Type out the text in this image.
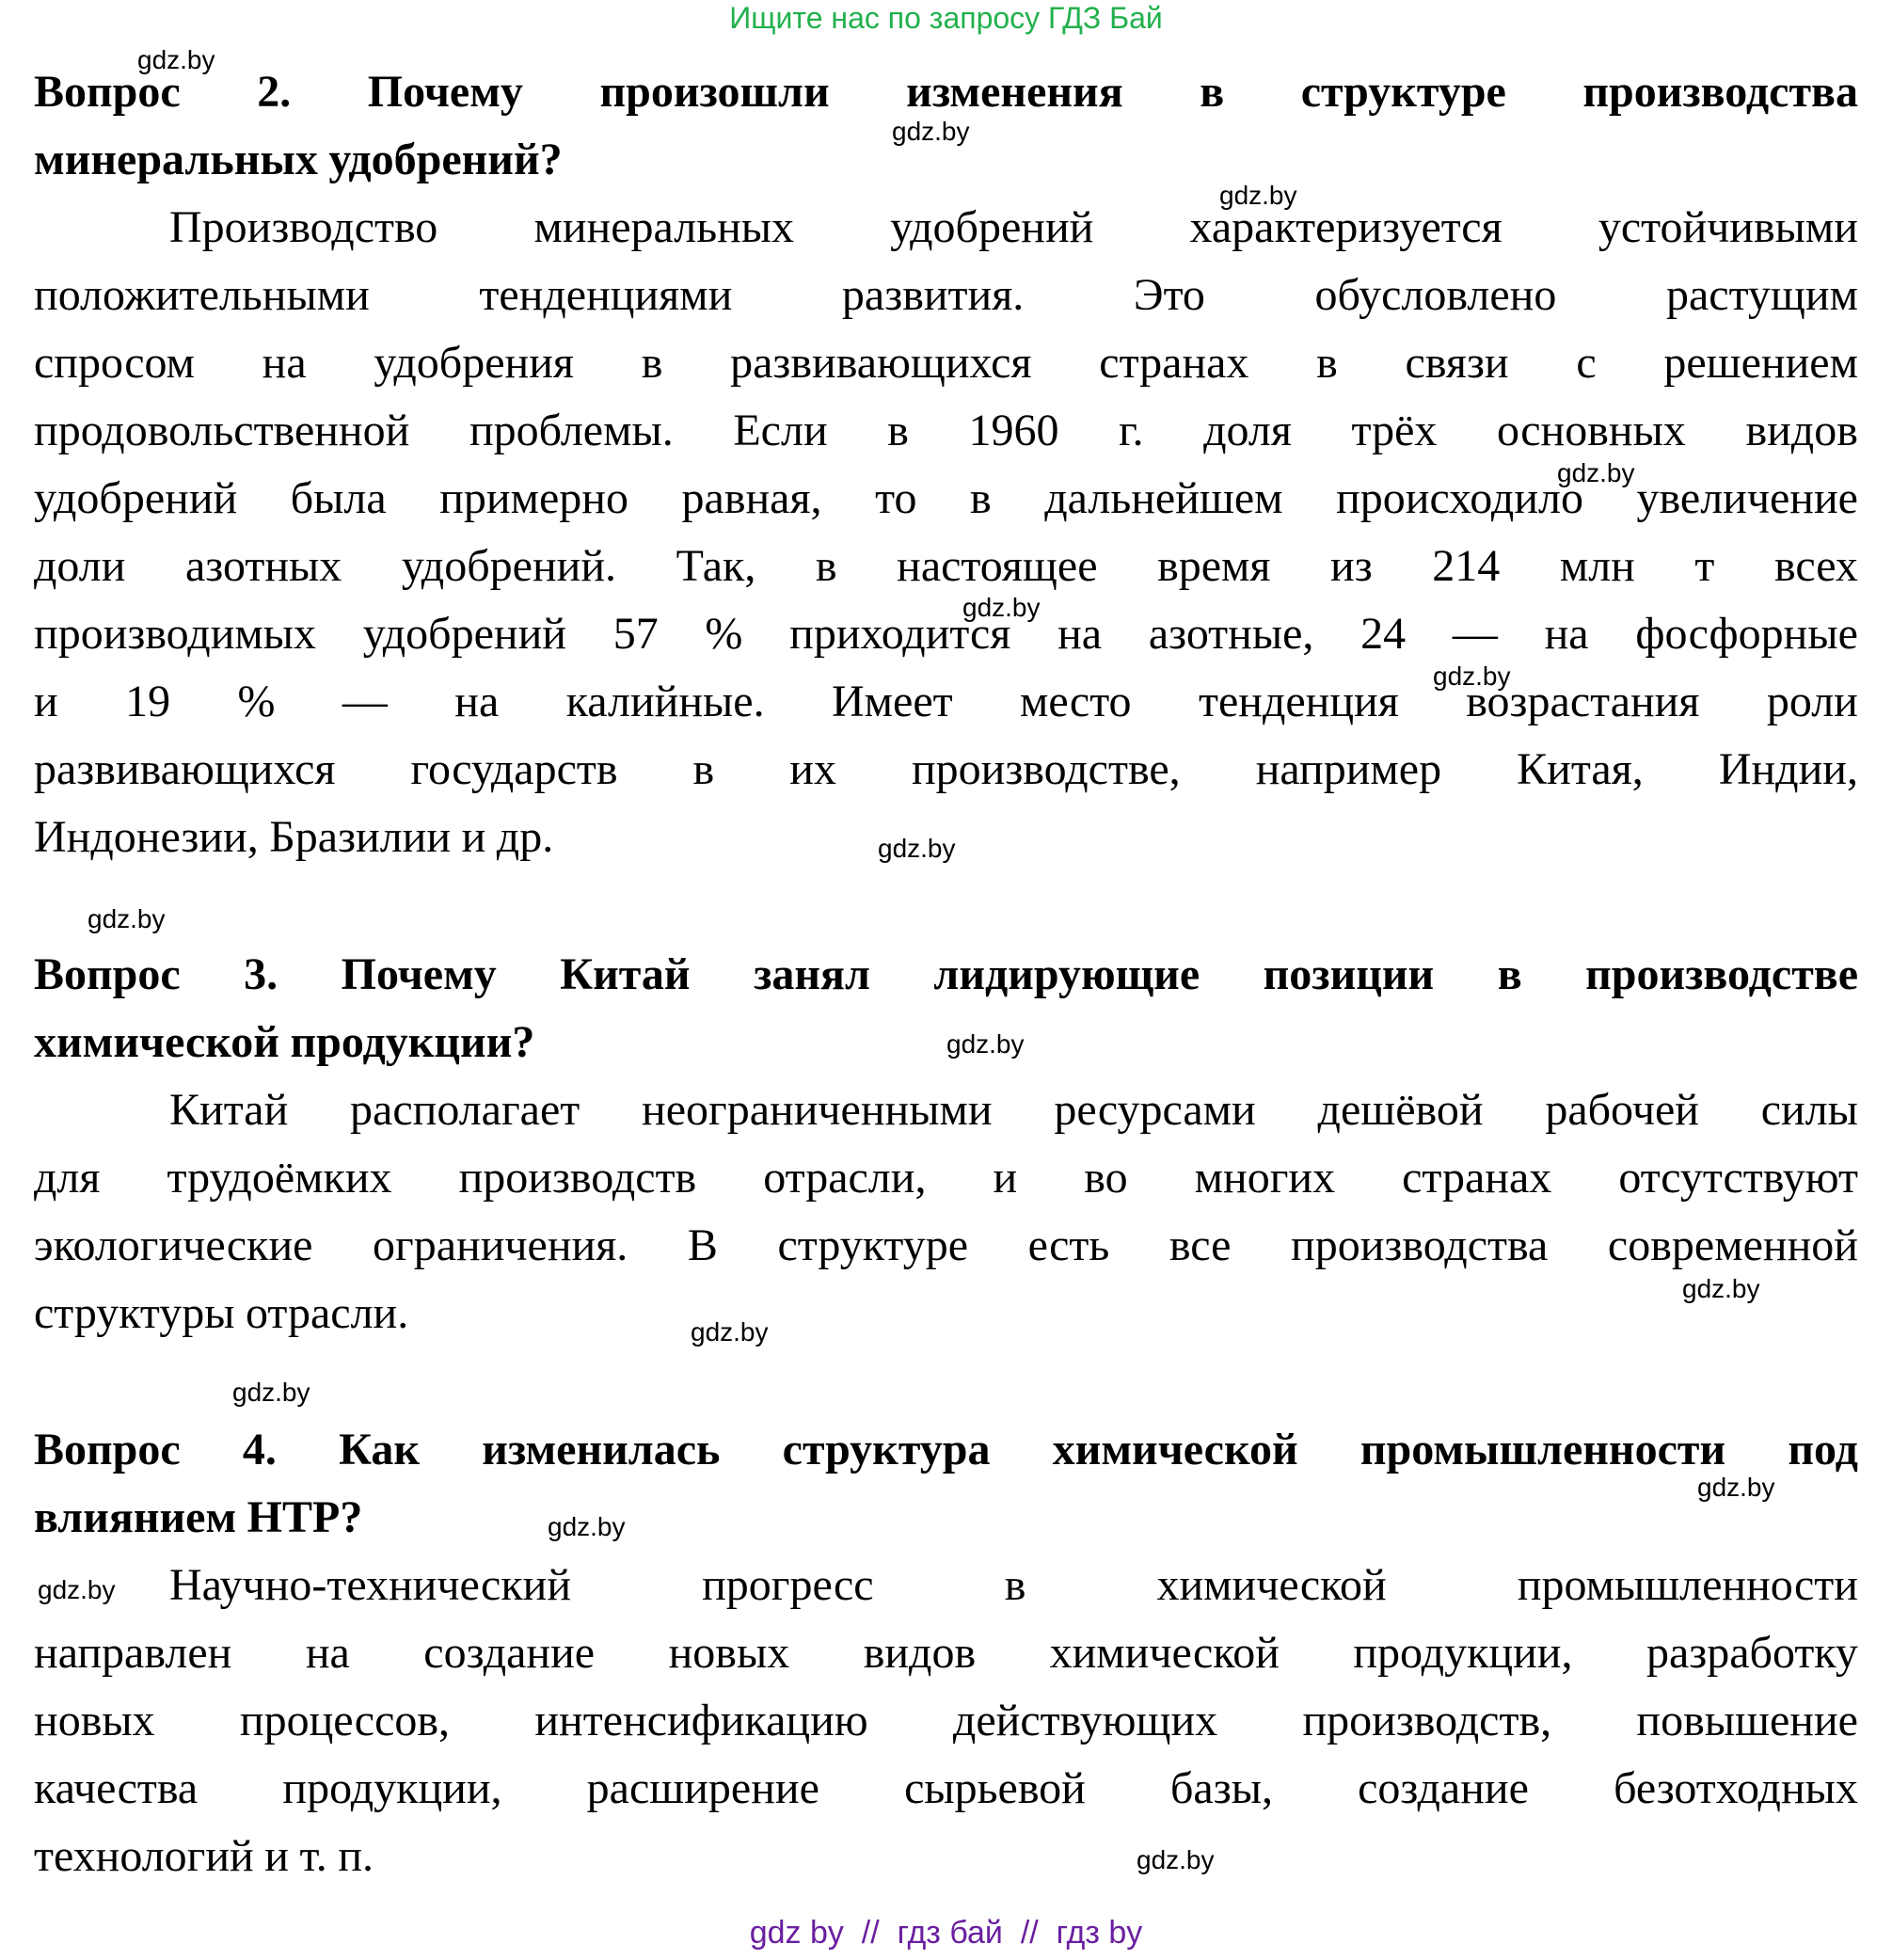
Ищите нас по запросу ГДЗ Бай
Вопрос 2. Почему произошли изменения в структуре производства
минеральных удобрений?
Производство минеральных удобрений характеризуется устойчивыми
положительными тенденциями развития. Это обусловлено растущим
спросом на удобрения в развивающихся странах в связи с решением
продовольственной проблемы. Если в 1960 г. доля трёх основных видов
удобрений была примерно равная, то в дальнейшем происходило увеличение
доли азотных удобрений. Так, в настоящее время из 214 млн т всех
производимых удобрений 57 % приходится на азотные, 24 — на фосфорные
и 19 % — на калийные. Имеет место тенденция возрастания роли
развивающихся государств в их производстве, например Китая, Индии,
Индонезии, Бразилии и др.
Вопрос 3. Почему Китай занял лидирующие позиции в производстве
химической продукции?
Китай располагает неограниченными ресурсами дешёвой рабочей силы
для трудоёмких производств отрасли, и во многих странах отсутствуют
экологические ограничения. В структуре есть все производства современной
структуры отрасли.
Вопрос 4. Как изменилась структура химической промышленности под
влиянием НТР?
Научно-технический	прогресс	в	химической	промышленности
направлен на создание новых видов химической продукции, разработку
новых процессов, интенсификацию действующих производств, повышение
качества продукции, расширение сырьевой базы, создание безотходных
технологий и т. п.
gdz.by
gdz.by
gdz.by
gdz.by
gdz.by
gdz.by
gdz.by
gdz.by
gdz.by
gdz.by
gdz.by
gdz.by
gdz.by
gdz.by
gdz.by
gdz.by
gdz by  //  гдз бай  //  гдз by
